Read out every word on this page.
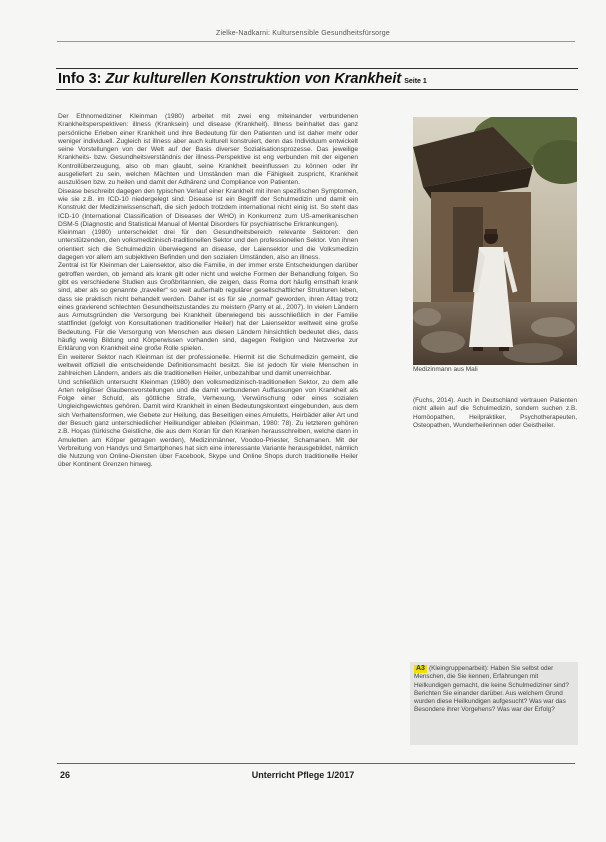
Zielke-Nadkarni: Kultursensible Gesundheitsfürsorge
Info 3: Zur kulturellen Konstruktion von Krankheit Seite 1

Der Ethnomediziner Kleinman (1980) arbeitet mit zwei eng miteinander verbundenen Krankheitsperspektiven: illness (Kranksein) und disease (Krankheit). Illness beinhaltet das ganz persönliche Erleben einer Krankheit und ihre Bedeutung für den Patienten und ist daher mehr oder weniger individuell. Zugleich ist illness aber auch kulturell konstruiert, denn das Individuum entwickelt seine Vorstellungen von der Welt auf der Basis diverser Sozialisationsprozesse. Das jeweilige Krankheits- bzw. Gesundheitsverständnis der illness-Perspektive ist eng verbunden mit der eigenen Kontrollüberzeugung, also ob man glaubt, seine Krankheit beeinflussen zu können oder ihr ausgeliefert zu sein, welchen Mächten und Umständen man die Fähigkeit zuspricht, Krankheit auszulösen bzw. zu heilen und damit der Adhärenz und Compliance von Patienten.

Disease beschreibt dagegen den typischen Verlauf einer Krankheit mit ihren spezifischen Symptomen, wie sie z.B. im ICD-10 niedergelegt sind. Disease ist ein Begriff der Schulmedizin und damit ein Konstrukt der Medizinwissenschaft, die sich jedoch trotzdem international nicht einig ist. So steht das ICD-10 (International Classification of Diseases der WHO) in Konkurrenz zum US-amerikanischen DSM-5 (Diagnostic and Statistical Manual of Mental Disorders für psychiatrische Erkrankungen).

Kleinman (1980) unterscheidet drei für den Gesundheitsbereich relevante Sektoren: den unterstützenden, den volksmedizinisch-traditionellen Sektor und den professionellen Sektor. Von ihnen orientiert sich die Schulmedizin überwiegend an disease, der Laiensektor und die Volksmedizin dagegen vor allem am subjektiven Befinden und den sozialen Umständen, also an illness.

Zentral ist für Kleinman der Laiensektor, also die Familie, in der immer erste Entscheidungen darüber getroffen werden, ob jemand als krank gilt oder nicht und welche Formen der Behandlung folgen. So gibt es verschiedene Studien aus Großbritannien, die zeigen, dass Roma dort häufig ernsthaft krank sind, aber als so genannte „traveller“ so weit außerhalb regulärer gesellschaftlicher Strukturen leben, dass sie praktisch nicht behandelt werden. Daher ist es für sie „normal“ geworden, ihren Alltag trotz eines gravierend schlechten Gesundheitszustandes zu meistern (Parry et al., 2007). In vielen Ländern aus Armutsgründen die Versorgung bei Krankheit überwiegend bis ausschließlich in der Familie stattfindet (gefolgt von Konsultationen traditioneller Heiler) hat der Laiensektor weltweit eine große Bedeutung. Für die Versorgung von Menschen aus diesen Ländern hinsichtlich bedeutet dies, dass häufig wenig Bildung und Körperwissen vorhanden sind, dagegen Religion und Netzwerke zur Erklärung von Krankheit eine große Rolle spielen.

Ein weiterer Sektor nach Kleinman ist der professionelle. Hiermit ist die Schulmedizin gemeint, die weltweit offiziell die entscheidende Definitionsmacht besitzt. Sie ist jedoch für viele Menschen in zahlreichen Ländern, anders als die traditionellen Heiler, unbezahlbar und damit unerreichbar.

Und schließlich untersucht Kleinman (1980) den volksmedizinisch-traditionellen Sektor, zu dem alle Arten religiöser Glaubensvorstellungen und die damit verbundenen Auffassungen von Krankheit als Folge einer Schuld, als göttliche Strafe, Verhexung, Verwünschung oder eines sozialen Ungleichgewichtes gehören. Damit wird Krankheit in einen Bedeutungskontext eingebunden, aus dem sich Verhaltensformen, wie Gebete zur Heilung, das Beseitigen eines Amuletts, Heirbäder aller Art und der Besuch ganz unterschiedlicher Heilkundiger ableiten (Kleinman, 1980: 78). Zu letzteren gehören z.B. Hoças (türkische Geistliche, die aus dem Koran für den Kranken herausschreiben, welche dann in Amuletten am Körper getragen werden), Medizinmänner, Voodoo-Priester, Schamanen. Mit der Verbreitung von Handys und Smartphones hat sich eine interessante Variante herausgebildet, nämlich die Nutzung von Online-Diensten über Facebook, Skype und Online Shops durch traditionelle Heiler über Kontinent Grenzen hinweg.

Medizinmann aus Mali
(Fuchs, 2014). Auch in Deutschland vertrauen Patienten nicht allein auf die Schulmedizin, sondern suchen z.B. Homöopathen, Heilpraktiker, Psychotherapeuten, Osteopathen, Wunderheilerinnen oder Geistheiler.
A3 (Kleingruppenarbeit): Haben Sie selbst oder Menschen, die Sie kennen, Erfahrungen mit Heilkundigen gemacht, die keine Schulmediziner sind? Berichten Sie einander darüber. Aus welchem Grund wurden diese Heilkundigen aufgesucht? Was war das Besondere ihrer Vorgehens? Was war der Erfolg?
26	Unterricht Pflege 1/2017
